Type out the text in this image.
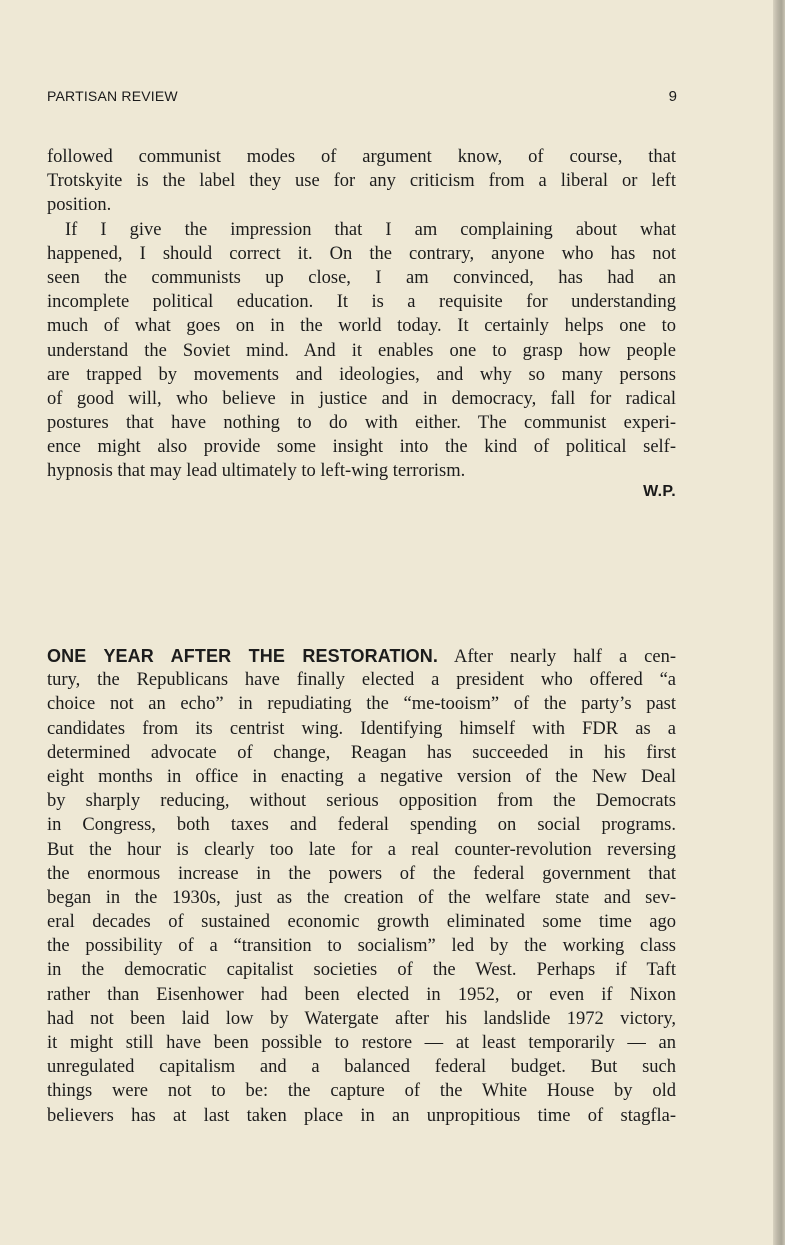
PARTISAN REVIEW	9
followed communist modes of argument know, of course, that
Trotskyite is the label they use for any criticism from a liberal or left
position.
If I give the impression that I am complaining about what
happened, I should correct it. On the contrary, anyone who has not
seen the communists up close, I am convinced, has had an
incomplete political education. It is a requisite for understanding
much of what goes on in the world today. It certainly helps one to
understand the Soviet mind. And it enables one to grasp how people
are trapped by movements and ideologies, and why so many persons
of good will, who believe in justice and in democracy, fall for radical
postures that have nothing to do with either. The communist experi-
ence might also provide some insight into the kind of political self-
hypnosis that may lead ultimately to left-wing terrorism.
W.P.
ONE YEAR AFTER THE RESTORATION. After nearly half a cen-
tury, the Republicans have finally elected a president who offered “a
choice not an echo” in repudiating the “me-tooism” of the party’s past
candidates from its centrist wing. Identifying himself with FDR as a
determined advocate of change, Reagan has succeeded in his first
eight months in office in enacting a negative version of the New Deal
by sharply reducing, without serious opposition from the Democrats
in Congress, both taxes and federal spending on social programs.
But the hour is clearly too late for a real counter-revolution reversing
the enormous increase in the powers of the federal government that
began in the 1930s, just as the creation of the welfare state and sev-
eral decades of sustained economic growth eliminated some time ago
the possibility of a “transition to socialism” led by the working class
in the democratic capitalist societies of the West. Perhaps if Taft
rather than Eisenhower had been elected in 1952, or even if Nixon
had not been laid low by Watergate after his landslide 1972 victory,
it might still have been possible to restore — at least temporarily — an
unregulated capitalism and a balanced federal budget. But such
things were not to be: the capture of the White House by old
believers has at last taken place in an unpropitious time of stagfla-
